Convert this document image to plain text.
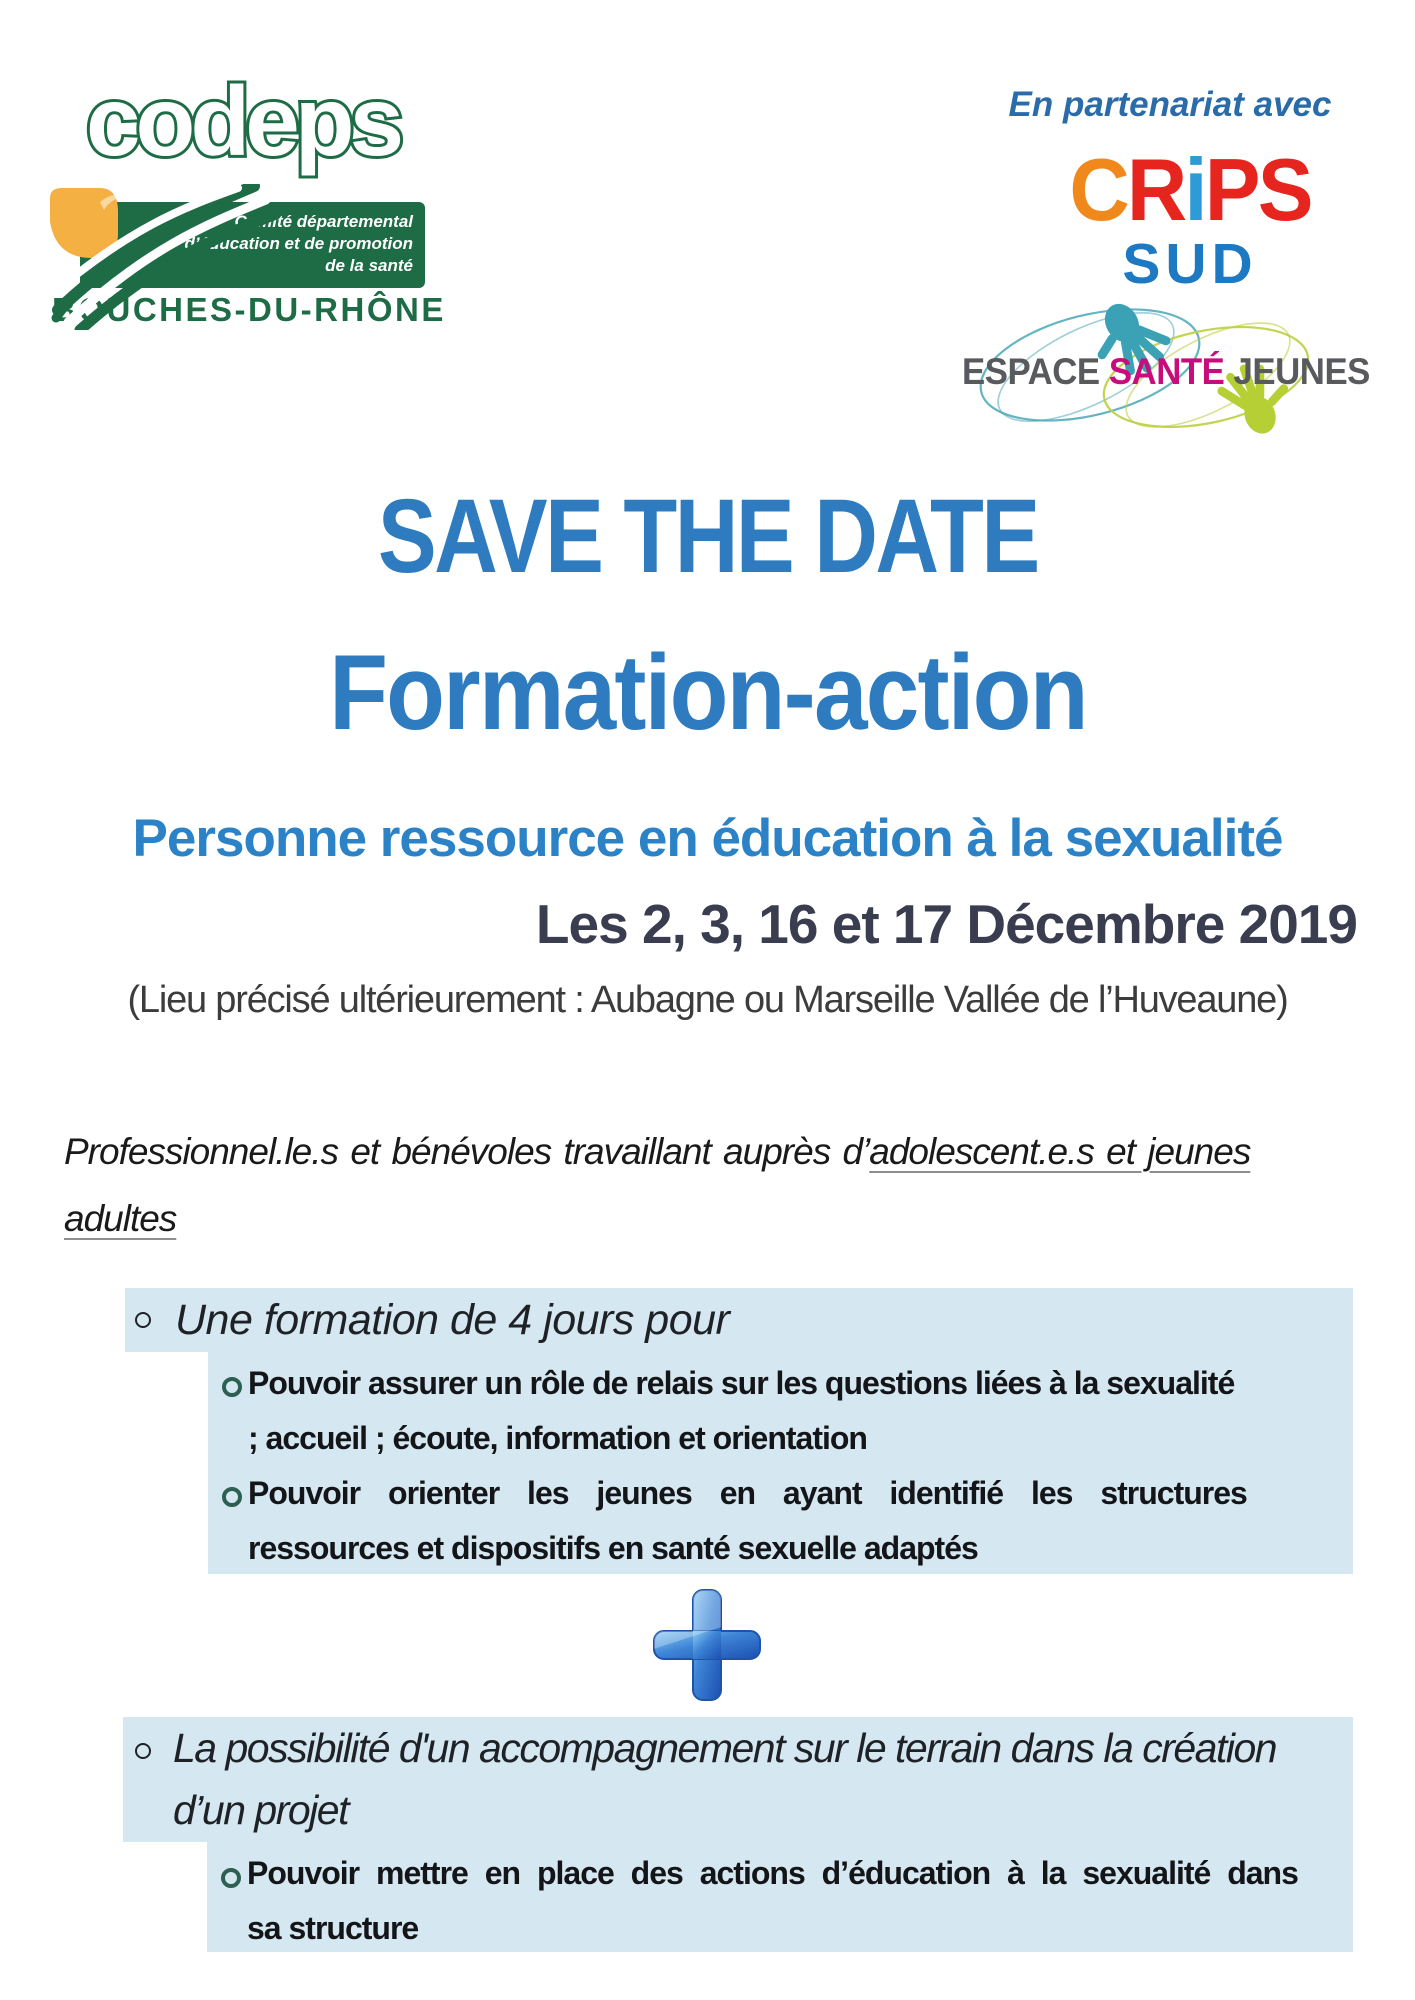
Comité départemental
d’éducation et de promotion
de la santé
codeps
BOUCHES-DU-RHÔNE
En partenariat avec
CRiPS
SUD
ESPACE SANTÉ JEUNES
SAVE THE DATE
Formation-action
Personne ressource en éducation à la sexualité
Les 2, 3, 16 et 17 Décembre 2019
(Lieu précisé ultérieurement : Aubagne ou Marseille Vallée de l’Huveaune)
Professionnel.le.s et bénévoles travaillant auprès d’adolescent.e.s et jeunes
adultes
Une formation de 4 jours pour
Pouvoir assurer un rôle de relais sur les questions liées à la sexualité
; accueil ; écoute, information et orientation
Pouvoir orienter les jeunes en ayant identifié les structures
ressources et dispositifs en santé sexuelle adaptés
La possibilité d'un accompagnement sur le terrain dans la création
d’un projet
Pouvoir mettre en place des actions d’éducation à la sexualité dans
sa structure
